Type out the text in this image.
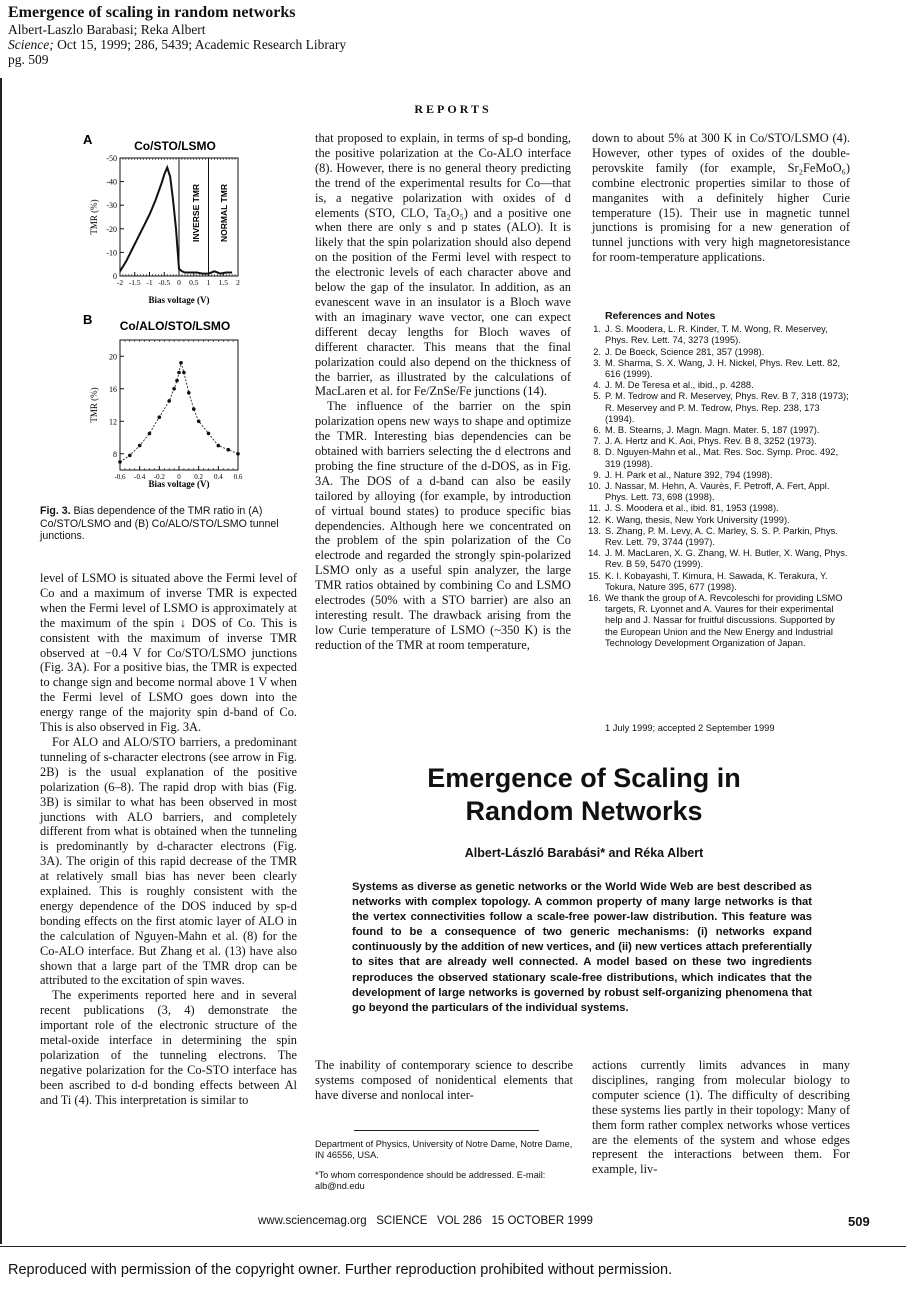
Emergence of scaling in random networks
Albert-Laszlo Barabasi; Reka Albert
Science; Oct 15, 1999; 286, 5439; Academic Research Library
pg. 509
REPORTS
A	Co/STO/LSMO
TMR (%)
Bias voltage (V)
INVERSE TMR NORMAL TMR
-50
-40
-30
-20
-10
0
-2 -1.5 -1 -0.5 0 0.5 1 1.5 2
B Co/ALO/STO/LSMO
TMR (%)
Bias voltage (V)
20
16
12
8
-0.6 -0.4 -0.2 0 0.2 0.4 0.6
Fig. 3. Bias dependence of the TMR ratio in (A) Co/STO/LSMO and (B) Co/ALO/STO/LSMO tunnel junctions.

level of LSMO is situated above the Fermi level of Co and a maximum of inverse TMR is expected when the Fermi level of LSMO is approximately at the maximum of the spin ↓ DOS of Co. This is consistent with the maximum of inverse TMR observed at −0.4 V for Co/STO/LSMO junctions (Fig. 3A). For a positive bias, the TMR is expected to change sign and become normal above 1 V when the Fermi level of LSMO goes down into the energy range of the majority spin d-band of Co. This is also observed in Fig. 3A.

For ALO and ALO/STO barriers, a predominant tunneling of s-character electrons (see arrow in Fig. 2B) is the usual explanation of the positive polarization (6–8). The rapid drop with bias (Fig. 3B) is similar to what has been observed in most junctions with ALO barriers, and completely different from what is obtained when the tunneling is predominantly by d-character electrons (Fig. 3A). The origin of this rapid decrease of the TMR at relatively small bias has never been clearly explained. This is roughly consistent with the energy dependence of the DOS induced by sp-d bonding effects on the first atomic layer of ALO in the calculation of Nguyen-Mahn et al. (8) for the Co-ALO interface. But Zhang et al. (13) have also shown that a large part of the TMR drop can be attributed to the excitation of spin waves.

The experiments reported here and in several recent publications (3, 4) demonstrate the important role of the electronic structure of the metal-oxide interface in determining the spin polarization of the tunneling electrons. The negative polarization for the Co-STO interface has been ascribed to d-d bonding effects between Al and Ti (4). This interpretation is similar to

that proposed to explain, in terms of sp-d bonding, the positive polarization at the Co-ALO interface (8). However, there is no general theory predicting the trend of the experimental results for Co—that is, a negative polarization with oxides of d elements (STO, CLO, Ta₂O₅) and a positive one when there are only s and p states (ALO). It is likely that the spin polarization should also depend on the position of the Fermi level with respect to the electronic levels of each character above and below the gap of the insulator. In addition, as an evanescent wave in an insulator is a Bloch wave with an imaginary wave vector, one can expect different decay lengths for Bloch waves of different character. This means that the final polarization could also depend on the thickness of the barrier, as illustrated by the calculations of MacLaren et al. for Fe/ZnSe/Fe junctions (14).

The influence of the barrier on the spin polarization opens new ways to shape and optimize the TMR. Interesting bias dependencies can be obtained with barriers selecting the d electrons and probing the fine structure of the d-DOS, as in Fig. 3A. The DOS of a d-band can also be easily tailored by alloying (for example, by introduction of virtual bound states) to produce specific bias dependencies. Although here we concentrated on the problem of the spin polarization of the Co electrode and regarded the strongly spin-polarized LSMO only as a useful spin analyzer, the large TMR ratios obtained by combining Co and LSMO electrodes (50% with a STO barrier) are also an interesting result. The drawback arising from the low Curie temperature of LSMO (~350 K) is the reduction of the TMR at room temperature,

down to about 5% at 300 K in Co/STO/LSMO (4). However, other types of oxides of the double-perovskite family (for example, Sr₂FeMoO₆) combine electronic properties similar to those of manganites with a definitely higher Curie temperature (15). Their use in magnetic tunnel junctions is promising for a new generation of tunnel junctions with very high magnetoresistance for room-temperature applications.

References and Notes
1. J. S. Moodera, L. R. Kinder, T. M. Wong, R. Meservey, Phys. Rev. Lett. 74, 3273 (1995).
2. J. De Boeck, Science 281, 357 (1998).
3. M. Sharma, S. X. Wang, J. H. Nickel, Phys. Rev. Lett. 82, 616 (1999).
4. J. M. De Teresa et al., ibid., p. 4288.
5. P. M. Tedrow and R. Meservey, Phys. Rev. B 7, 318 (1973); R. Meservey and P. M. Tedrow, Phys. Rep. 238, 173 (1994).
6. M. B. Stearns, J. Magn. Magn. Mater. 5, 187 (1997).
7. J. A. Hertz and K. Aoi, Phys. Rev. B 8, 3252 (1973).
8. D. Nguyen-Mahn et al., Mat. Res. Soc. Symp. Proc. 492, 319 (1998).
9. J. H. Park et al., Nature 392, 794 (1998).
10. J. Nassar, M. Hehn, A. Vaurès, F. Petroff, A. Fert, Appl. Phys. Lett. 73, 698 (1998).
11. J. S. Moodera et al., ibid. 81, 1953 (1998).
12. K. Wang, thesis, New York University (1999).
13. S. Zhang, P. M. Levy, A. C. Marley, S. S. P. Parkin, Phys. Rev. Lett. 79, 3744 (1997).
14. J. M. MacLaren, X. G. Zhang, W. H. Butler, X. Wang, Phys. Rev. B 59, 5470 (1999).
15. K. I. Kobayashi, T. Kimura, H. Sawada, K. Terakura, Y. Tokura, Nature 395, 677 (1998).
16. We thank the group of A. Revcoleschi for providing LSMO targets, R. Lyonnet and A. Vaures for their experimental help and J. Nassar for fruitful discussions. Supported by the European Union and the New Energy and Industrial Technology Development Organization of Japan.
1 July 1999; accepted 2 September 1999
Emergence of Scaling in
Random Networks
Albert-László Barabási* and Réka Albert
Systems as diverse as genetic networks or the World Wide Web are best described as networks with complex topology. A common property of many large networks is that the vertex connectivities follow a scale-free power-law distribution. This feature was found to be a consequence of two generic mechanisms: (i) networks expand continuously by the addition of new vertices, and (ii) new vertices attach preferentially to sites that are already well connected. A model based on these two ingredients reproduces the observed stationary scale-free distributions, which indicates that the development of large networks is governed by robust self-organizing phenomena that go beyond the particulars of the individual systems.

The inability of contemporary science to describe systems composed of nonidentical elements that have diverse and nonlocal inter-

actions currently limits advances in many disciplines, ranging from molecular biology to computer science (1). The difficulty of describing these systems lies partly in their topology: Many of them form rather complex networks whose vertices are the elements of the system and whose edges represent the interactions between them. For example, liv-

Department of Physics, University of Notre Dame, Notre Dame, IN 46556, USA.

*To whom correspondence should be addressed. E-mail: alb@nd.edu

www.sciencemag.org   SCIENCE   VOL 286   15 OCTOBER 1999	509
Reproduced with permission of the copyright owner. Further reproduction prohibited without permission.
